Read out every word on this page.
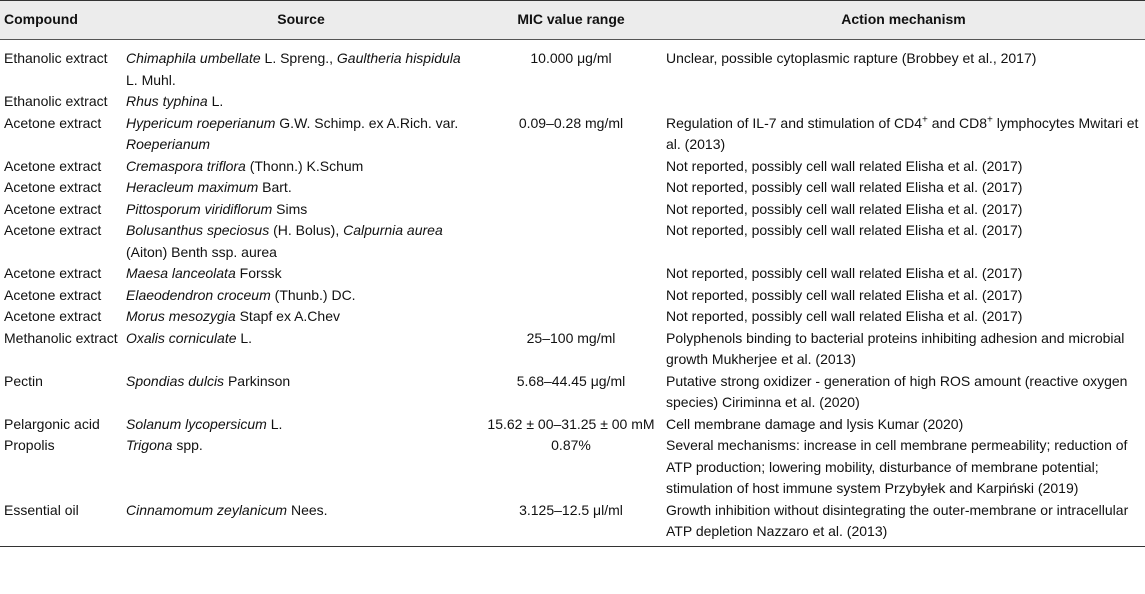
Compound	Source	MIC value range	Action mechanism
Ethanolic extract	Chimaphila umbellate L. Spreng., Gaultheria hispidula L. Muhl.	10.000 μg/ml	Unclear, possible cytoplasmic rapture (Brobbey et al., 2017)
Ethanolic extract	Rhus typhina L.		
Acetone extract	Hypericum roeperianum G.W. Schimp. ex A.Rich. var. Roeperianum	0.09–0.28 mg/ml	Regulation of IL-7 and stimulation of CD4+ and CD8+ lymphocytes Mwitari et al. (2013)
Acetone extract	Cremaspora triflora (Thonn.) K.Schum		Not reported, possibly cell wall related Elisha et al. (2017)
Acetone extract	Heracleum maximum Bart.		Not reported, possibly cell wall related Elisha et al. (2017)
Acetone extract	Pittosporum viridiflorum Sims		Not reported, possibly cell wall related Elisha et al. (2017)
Acetone extract	Bolusanthus speciosus (H. Bolus), Calpurnia aurea (Aiton) Benth ssp. aurea		Not reported, possibly cell wall related Elisha et al. (2017)
Acetone extract	Maesa lanceolata Forssk		Not reported, possibly cell wall related Elisha et al. (2017)
Acetone extract	Elaeodendron croceum (Thunb.) DC.		Not reported, possibly cell wall related Elisha et al. (2017)
Acetone extract	Morus mesozygia Stapf ex A.Chev		Not reported, possibly cell wall related Elisha et al. (2017)
Methanolic extract	Oxalis corniculate L.	25–100 mg/ml	Polyphenols binding to bacterial proteins inhibiting adhesion and microbial growth Mukherjee et al. (2013)
Pectin	Spondias dulcis Parkinson	5.68–44.45 μg/ml	Putative strong oxidizer - generation of high ROS amount (reactive oxygen species) Ciriminna et al. (2020)
Pelargonic acid	Solanum lycopersicum L.	15.62 ± 00–31.25 ± 00 mM	Cell membrane damage and lysis Kumar (2020)
Propolis	Trigona spp.	0.87%	Several mechanisms: increase in cell membrane permeability; reduction of ATP production; lowering mobility, disturbance of membrane potential; stimulation of host immune system Przybyłek and Karpiński (2019)
Essential oil	Cinnamomum zeylanicum Nees.	3.125–12.5 μl/ml	Growth inhibition without disintegrating the outer-membrane or intracellular ATP depletion Nazzaro et al. (2013)
